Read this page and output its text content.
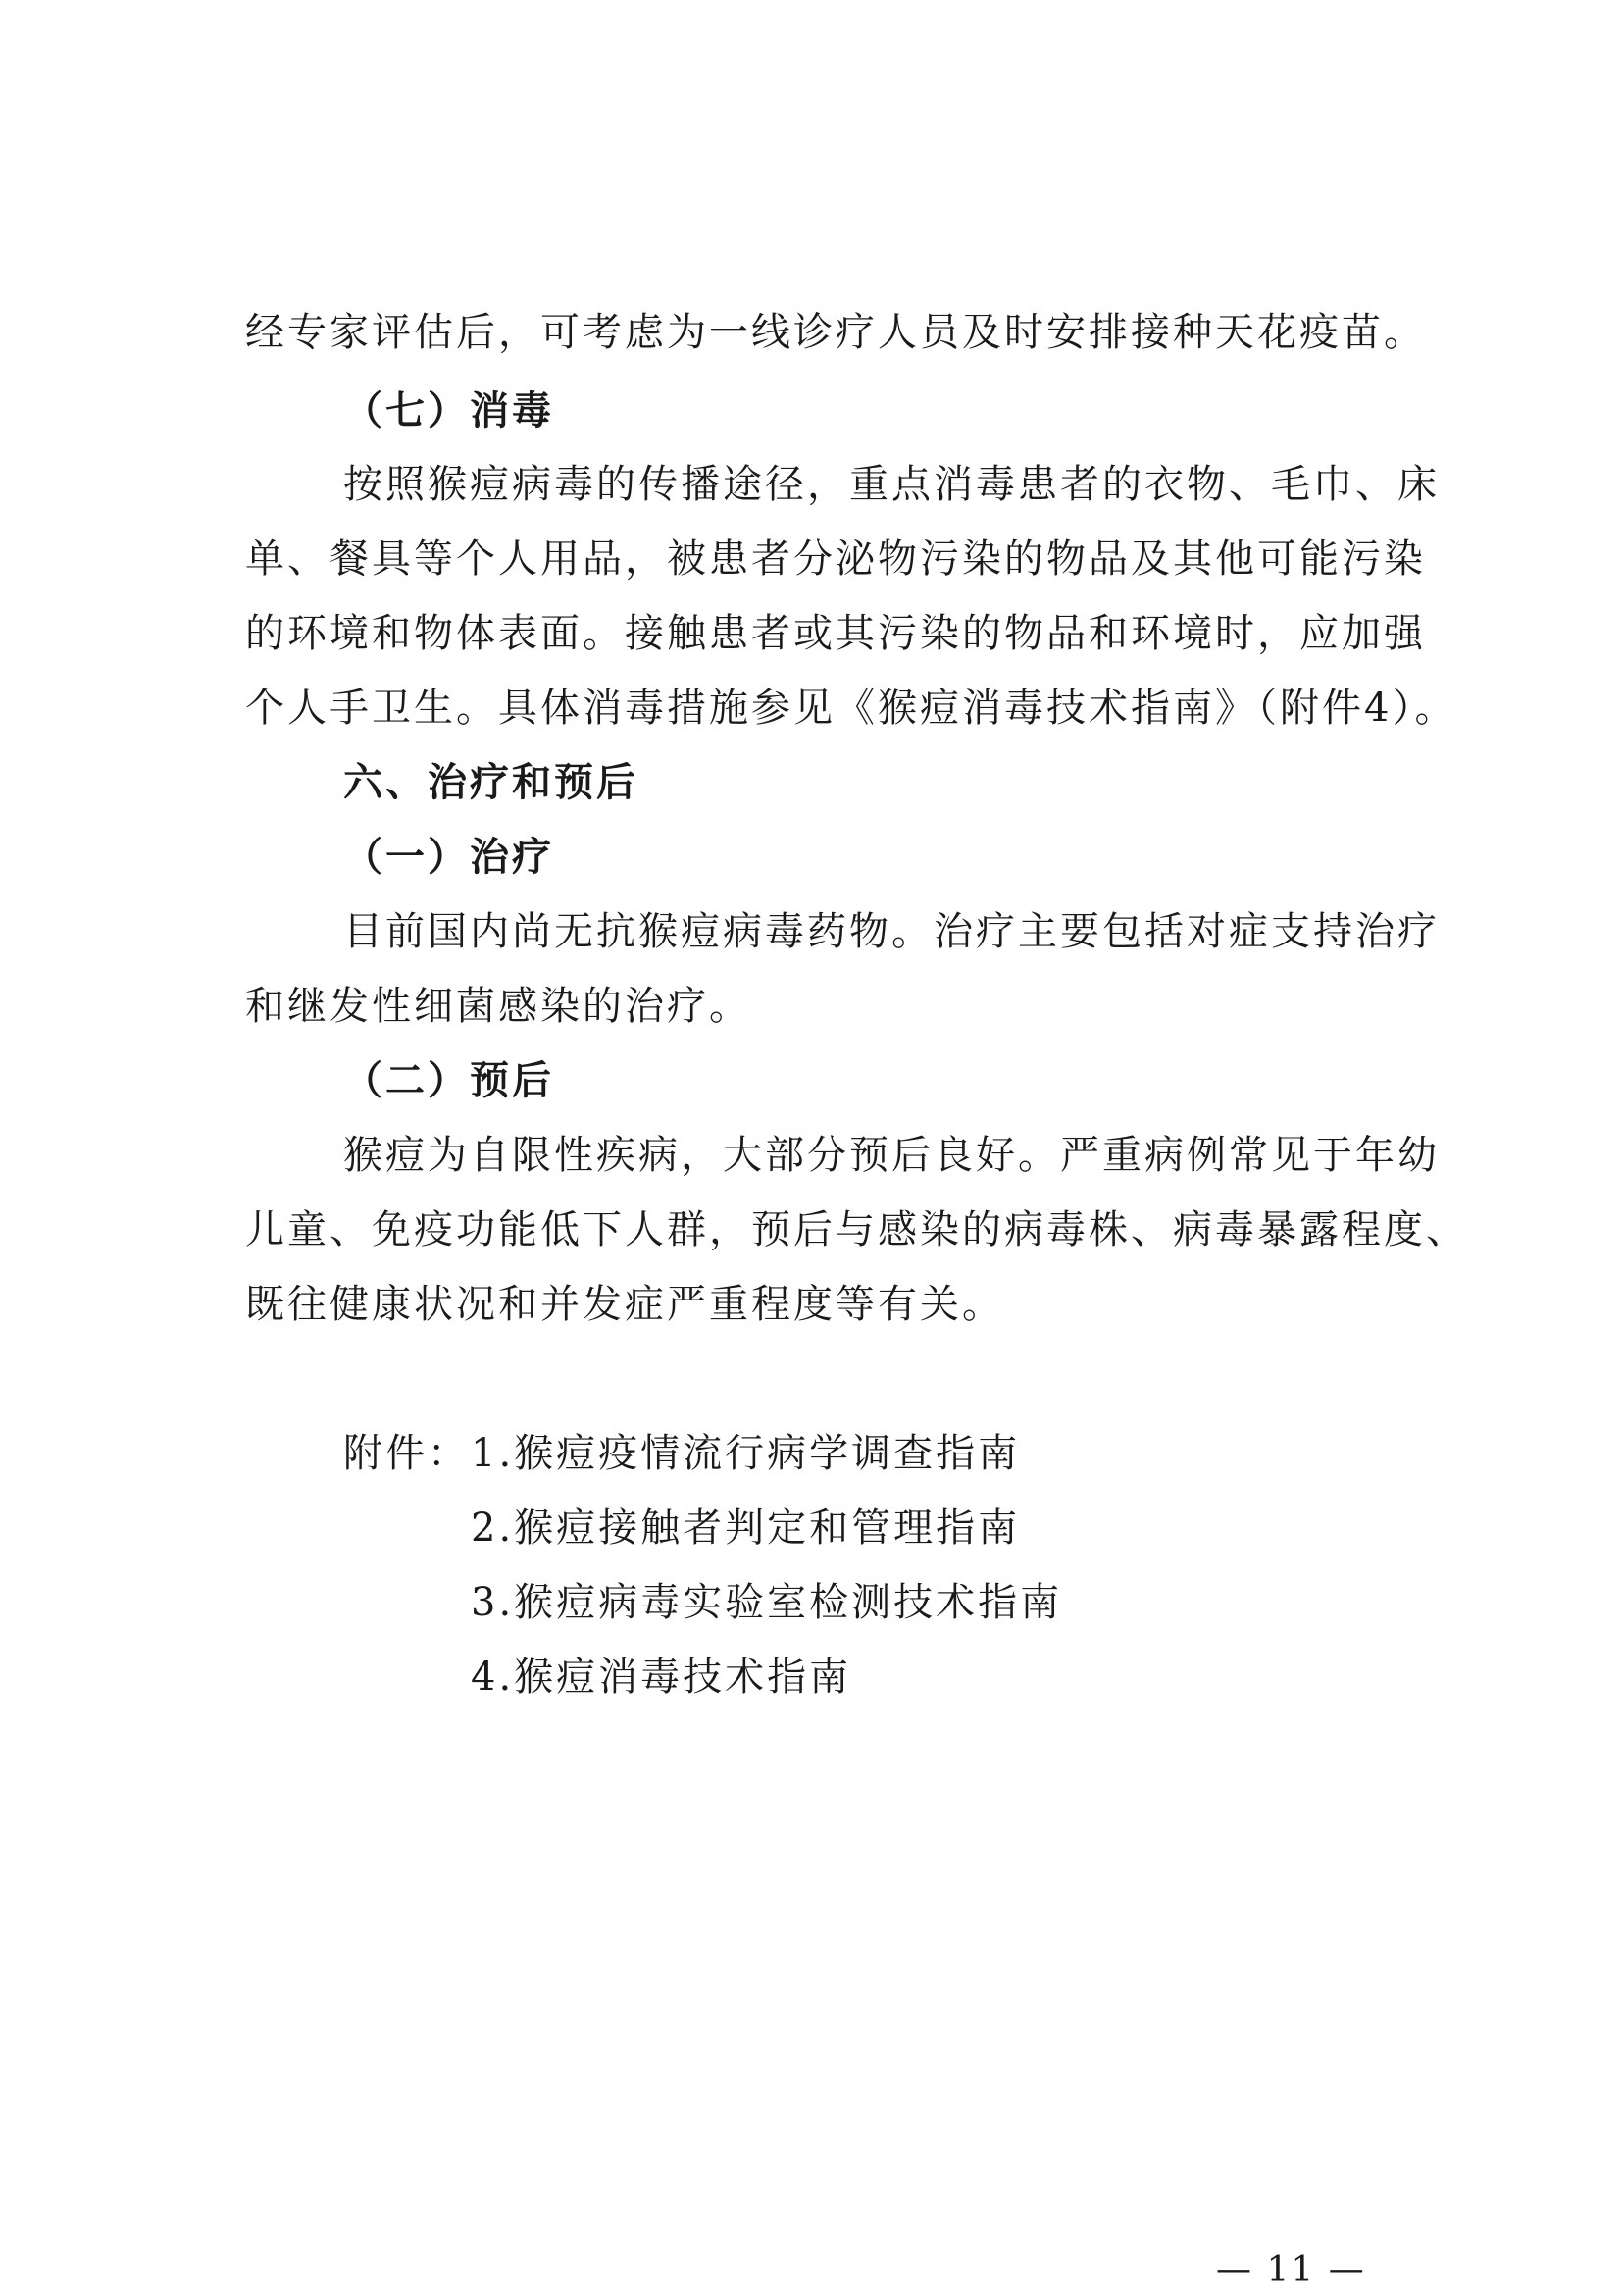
经专家评估后，可考虑为一线诊疗人员及时安排接种天花疫苗。
（七）消毒
按照猴痘病毒的传播途径，重点消毒患者的衣物、毛巾、床
单、餐具等个人用品，被患者分泌物污染的物品及其他可能污染
的环境和物体表面。接触患者或其污染的物品和环境时，应加强
个人手卫生。具体消毒措施参见《猴痘消毒技术指南》（附件4）。
六、治疗和预后
（一）治疗
目前国内尚无抗猴痘病毒药物。治疗主要包括对症支持治疗
和继发性细菌感染的治疗。
（二）预后
猴痘为自限性疾病，大部分预后良好。严重病例常见于年幼
儿童、免疫功能低下人群，预后与感染的病毒株、病毒暴露程度、
既往健康状况和并发症严重程度等有关。
附件： 1.猴痘疫情流行病学调查指南
2.猴痘接触者判定和管理指南
3.猴痘病毒实验室检测技术指南
4.猴痘消毒技术指南
— 11 —
